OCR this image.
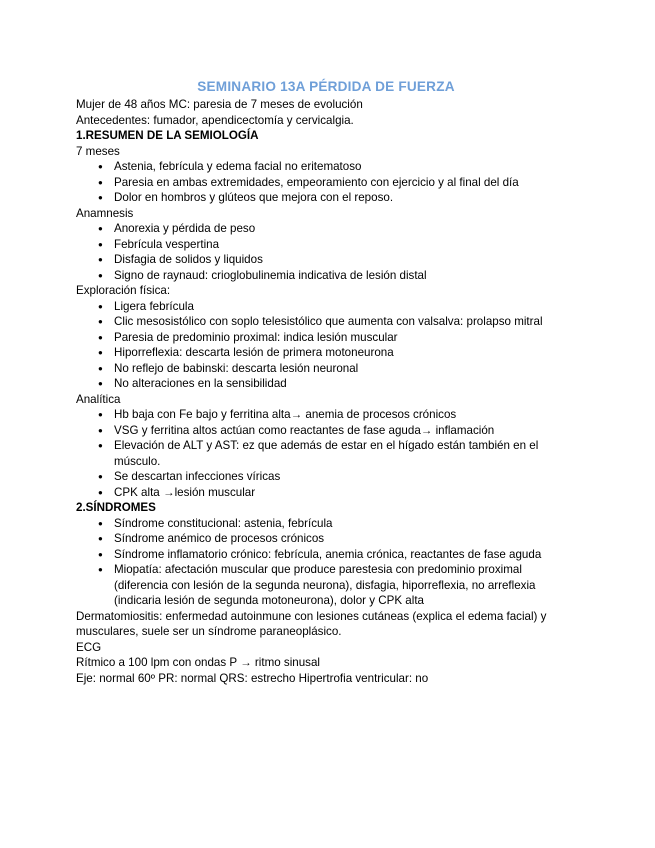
SEMINARIO 13A PÉRDIDA DE FUERZA

Mujer de 48 años MC: paresia de 7 meses de evolución

Antecedentes: fumador, apendicectomía y cervicalgia.

1.RESUMEN DE LA SEMIOLOGÍA

7 meses

● Astenia, febrícula y edema facial no eritematoso
● Paresia en ambas extremidades, empeoramiento con ejercicio y al final del día
● Dolor en hombros y glúteos que mejora con el reposo.

Anamnesis

● Anorexia y pérdida de peso
● Febrícula vespertina
● Disfagia de solidos y liquidos
● Signo de raynaud: crioglobulinemia indicativa de lesión distal

Exploración física:

● Ligera febrícula
● Clic mesosistólico con soplo telesistólico que aumenta con valsalva: prolapso mitral
● Paresia de predominio proximal: indica lesión muscular
● Hiporreflexia: descarta lesión de primera motoneurona
● No reflejo de babinski: descarta lesión neuronal
● No alteraciones en la sensibilidad

Analítica

● Hb baja con Fe bajo y ferritina alta→ anemia de procesos crónicos
● VSG y ferritina altos actúan como reactantes de fase aguda→ inflamación
● Elevación de ALT y AST: ez que además de estar en el hígado están también en el músculo.
● Se descartan infecciones víricas
● CPK alta →lesión muscular

2.SÍNDROMES

● Síndrome constitucional: astenia, febrícula
● Síndrome anémico de procesos crónicos
● Síndrome inflamatorio crónico: febrícula, anemia crónica, reactantes de fase aguda
● Miopatía: afectación muscular que produce parestesia con predominio proximal (diferencia con lesión de la segunda neurona), disfagia, hiporreflexia, no arreflexia (indicaria lesión de segunda motoneurona), dolor y CPK alta

Dermatomiositis: enfermedad autoinmune con lesiones cutáneas (explica el edema facial) y musculares, suele ser un síndrome paraneoplásico.

ECG

Rítmico a 100 lpm con ondas P → ritmo sinusal

Eje: normal 60º PR: normal QRS: estrecho Hipertrofia ventricular: no
